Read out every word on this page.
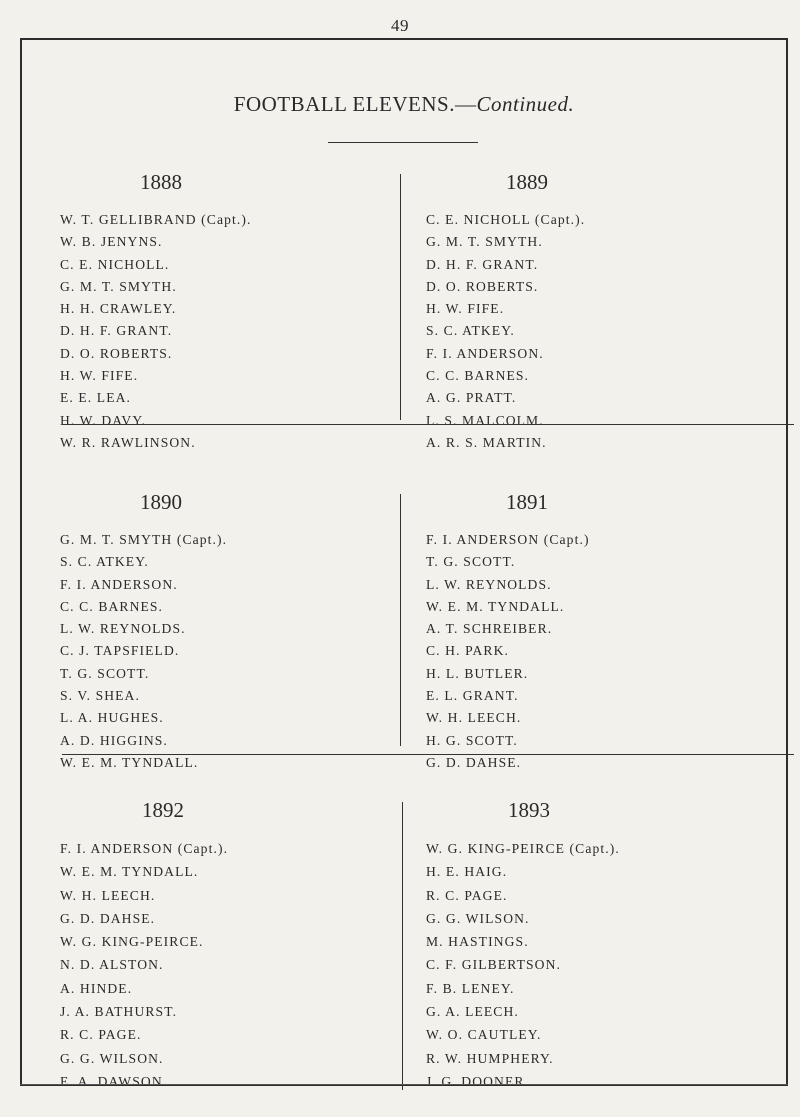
49
FOOTBALL ELEVENS.—Continued.
1888
W. T. GELLIBRAND (Capt.).
W. B. JENYNS.
C. E. NICHOLL.
G. M. T. SMYTH.
H. H. CRAWLEY.
D. H. F. GRANT.
D. O. ROBERTS.
H. W. FIFE.
E. E. LEA.
H. W. DAVY.
W. R. RAWLINSON.
1889
C. E. NICHOLL (Capt.).
G. M. T. SMYTH.
D. H. F. GRANT.
D. O. ROBERTS.
H. W. FIFE.
S. C. ATKEY.
F. I. ANDERSON.
C. C. BARNES.
A. G. PRATT.
L. S. MALCOLM.
A. R. S. MARTIN.
1890
G. M. T. SMYTH (Capt.).
S. C. ATKEY.
F. I. ANDERSON.
C. C. BARNES.
L. W. REYNOLDS.
C. J. TAPSFIELD.
T. G. SCOTT.
S. V. SHEA.
L. A. HUGHES.
A. D. HIGGINS.
W. E. M. TYNDALL.
1891
F. I. ANDERSON (Capt.)
T. G. SCOTT.
L. W. REYNOLDS.
W. E. M. TYNDALL.
A. T. SCHREIBER.
C. H. PARK.
H. L. BUTLER.
E. L. GRANT.
W. H. LEECH.
H. G. SCOTT.
G. D. DAHSE.
1892
F. I. ANDERSON (Capt.).
W. E. M. TYNDALL.
W. H. LEECH.
G. D. DAHSE.
W. G. KING-PEIRCE.
N. D. ALSTON.
A. HINDE.
J. A. BATHURST.
R. C. PAGE.
G. G. WILSON.
E. A. DAWSON.
1893
W. G. KING-PEIRCE (Capt.).
H. E. HAIG.
R. C. PAGE.
G. G. WILSON.
M. HASTINGS.
C. F. GILBERTSON.
F. B. LENEY.
G. A. LEECH.
W. O. CAUTLEY.
R. W. HUMPHERY.
J. G. DOONER.
